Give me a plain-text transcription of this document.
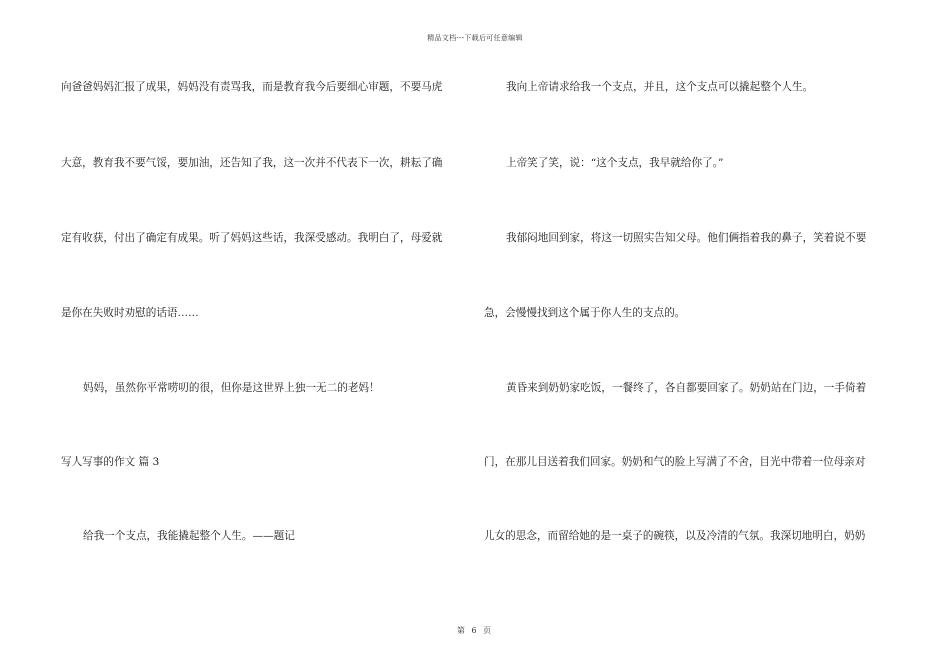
精品文档---下载后可任意编辑
向爸爸妈妈汇报了成果，妈妈没有责骂我，而是教育我今后要细心审题，不要马虎
大意，教育我不要气馁，要加油，还告知了我，这一次并不代表下一次，耕耘了确
定有收获，付出了确定有成果。听了妈妈这些话，我深受感动。我明白了，母爱就
是你在失败时劝慰的话语……
妈妈，虽然你平常唠叨的很，但你是这世界上独一无二的老妈！
写人写事的作文 篇 3
给我一个支点，我能撬起整个人生。——题记
我向上帝请求给我一个支点，并且，这个支点可以撬起整个人生。
上帝笑了笑，说：“这个支点，我早就给你了。”
我郁闷地回到家，将这一切照实告知父母。他们俩指着我的鼻子，笑着说不要
急，会慢慢找到这个属于你人生的支点的。
黄昏来到奶奶家吃饭，一餐终了，各自都要回家了。奶奶站在门边，一手倚着
门，在那儿目送着我们回家。奶奶和气的脸上写满了不舍，目光中带着一位母亲对
儿女的思念，而留给她的是一桌子的碗筷，以及冷清的气氛。我深切地明白，奶奶
第 6 页
